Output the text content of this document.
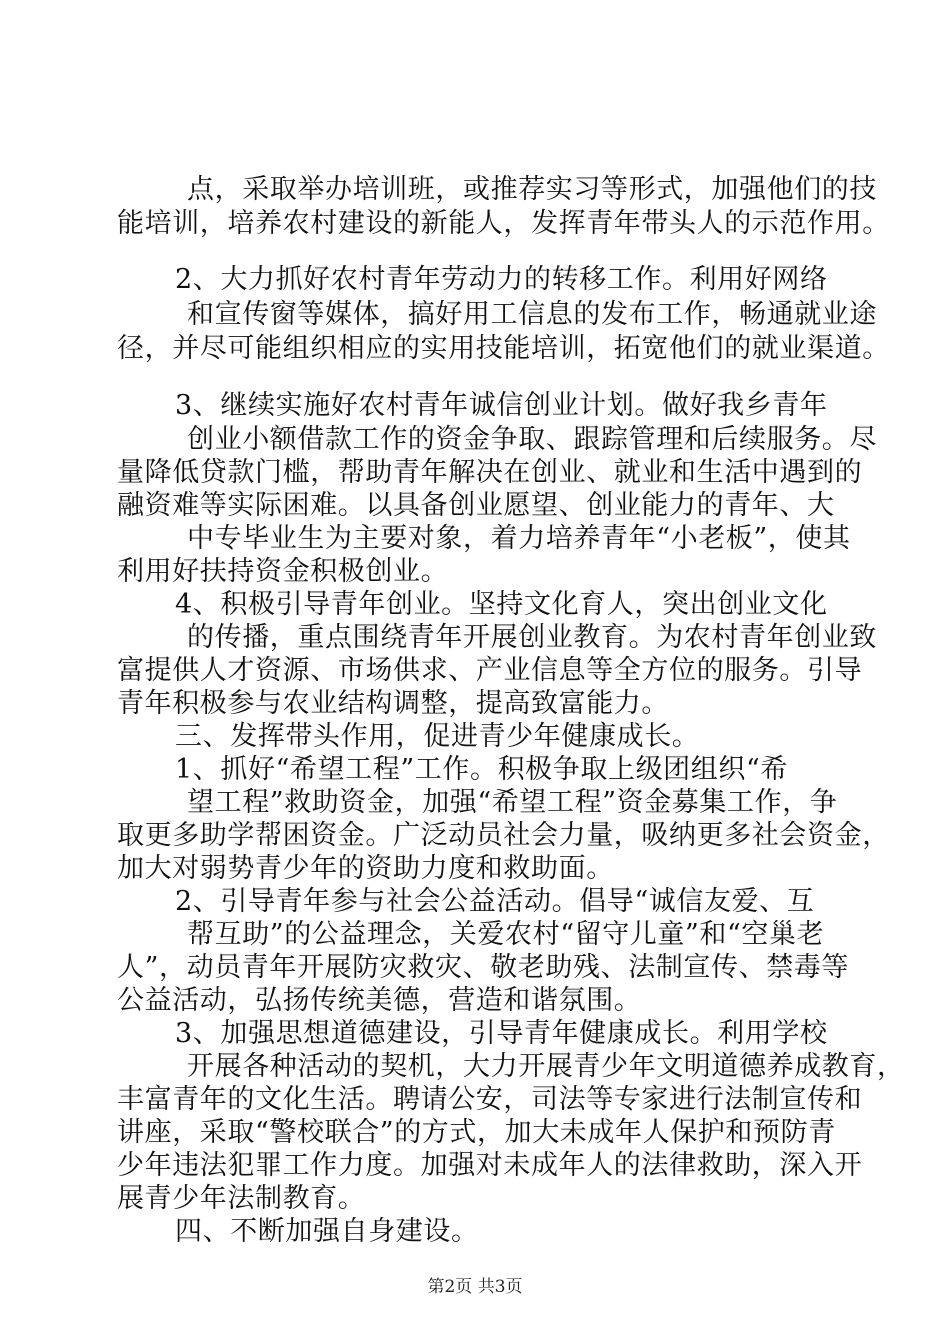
点，采取举办培训班，或推荐实习等形式，加强他们的技

能培训，培养农村建设的新能人，发挥青年带头人的示范作用。

2、大力抓好农村青年劳动力的转移工作。利用好网络

和宣传窗等媒体，搞好用工信息的发布工作，畅通就业途

径，并尽可能组织相应的实用技能培训，拓宽他们的就业渠道。

3、继续实施好农村青年诚信创业计划。做好我乡青年

创业小额借款工作的资金争取、跟踪管理和后续服务。尽

量降低贷款门槛，帮助青年解决在创业、就业和生活中遇到的

融资难等实际困难。以具备创业愿望、创业能力的青年、大

中专毕业生为主要对象，着力培养青年“小老板”，使其

利用好扶持资金积极创业。

4、积极引导青年创业。坚持文化育人，突出创业文化

的传播，重点围绕青年开展创业教育。为农村青年创业致

富提供人才资源、市场供求、产业信息等全方位的服务。引导

青年积极参与农业结构调整，提高致富能力。

三、发挥带头作用，促进青少年健康成长。

1、抓好“希望工程”工作。积极争取上级团组织“希

望工程”救助资金，加强“希望工程”资金募集工作，争

取更多助学帮困资金。广泛动员社会力量，吸纳更多社会资金，

加大对弱势青少年的资助力度和救助面。

2、引导青年参与社会公益活动。倡导“诚信友爱、互

帮互助”的公益理念，关爱农村“留守儿童”和“空巢老

人”，动员青年开展防灾救灾、敬老助残、法制宣传、禁毒等

公益活动，弘扬传统美德，营造和谐氛围。

3、加强思想道德建设，引导青年健康成长。利用学校

开展各种活动的契机，大力开展青少年文明道德养成教育，

丰富青年的文化生活。聘请公安，司法等专家进行法制宣传和

讲座，采取“警校联合”的方式，加大未成年人保护和预防青

少年违法犯罪工作力度。加强对未成年人的法律救助，深入开

展青少年法制教育。

四、不断加强自身建设。

第2页 共3页
